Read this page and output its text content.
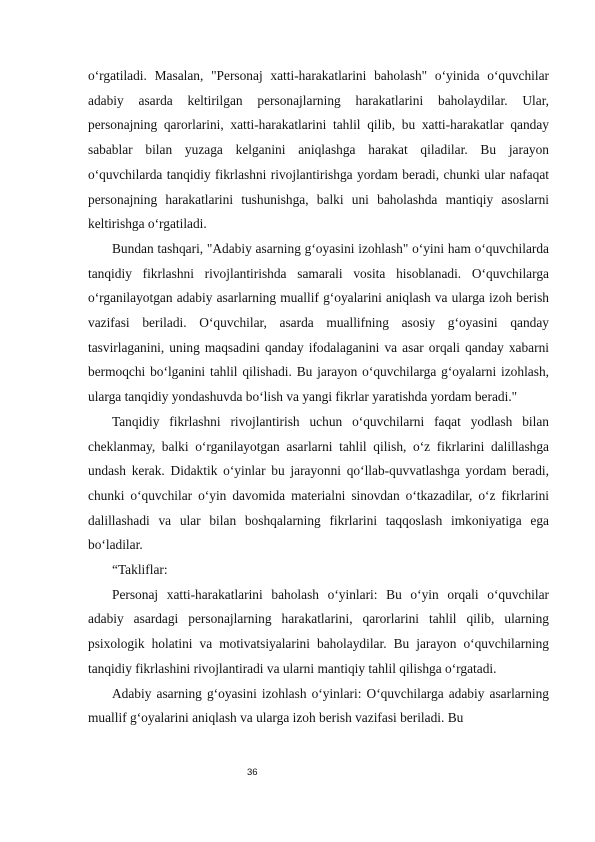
o‘rgatiladi. Masalan, "Personaj xatti-harakatlarini baholash" o‘yinida o‘quvchilar adabiy asarda keltirilgan personajlarning harakatlarini baholaydilar. Ular, personajning qarorlarini, xatti-harakatlarini tahlil qilib, bu xatti-harakatlar qanday sabablar bilan yuzaga kelganini aniqlashga harakat qiladilar. Bu jarayon o‘quvchilarda tanqidiy fikrlashni rivojlantirishga yordam beradi, chunki ular nafaqat personajning harakatlarini tushunishga, balki uni baholashda mantiqiy asoslarni keltirishga o‘rgatiladi.

Bundan tashqari, "Adabiy asarning g‘oyasini izohlash" o‘yini ham o‘quvchilarda tanqidiy fikrlashni rivojlantirishda samarali vosita hisoblanadi. O‘quvchilarga o‘rganilayotgan adabiy asarlarning muallif g‘oyalarini aniqlash va ularga izoh berish vazifasi beriladi. O‘quvchilar, asarda muallifning asosiy g‘oyasini qanday tasvirlaganini, uning maqsadini qanday ifodalaganini va asar orqali qanday xabarni bermoqchi bo‘lganini tahlil qilishadi. Bu jarayon o‘quvchilarga g‘oyalarni izohlash, ularga tanqidiy yondashuvda bo‘lish va yangi fikrlar yaratishda yordam beradi."

Tanqidiy fikrlashni rivojlantirish uchun o‘quvchilarni faqat yodlash bilan cheklanmay, balki o‘rganilayotgan asarlarni tahlil qilish, o‘z fikrlarini dalillashga undash kerak. Didaktik o‘yinlar bu jarayonni qo‘llab-quvvatlashga yordam beradi, chunki o‘quvchilar o‘yin davomida materialni sinovdan o‘tkazadilar, o‘z fikrlarini dalillashadi va ular bilan boshqalarning fikrlarini taqqoslash imkoniyatiga ega bo‘ladilar.

“Takliflar:

Personaj xatti-harakatlarini baholash o‘yinlari: Bu o‘yin orqali o‘quvchilar adabiy asardagi personajlarning harakatlarini, qarorlarini tahlil qilib, ularning psixologik holatini va motivatsiyalarini baholaydilar. Bu jarayon o‘quvchilarning tanqidiy fikrlashini rivojlantiradi va ularni mantiqiy tahlil qilishga o‘rgatadi.

Adabiy asarning g‘oyasini izohlash o‘yinlari: O‘quvchilarga adabiy asarlarning muallif g‘oyalarini aniqlash va ularga izoh berish vazifasi beriladi. Bu

36
